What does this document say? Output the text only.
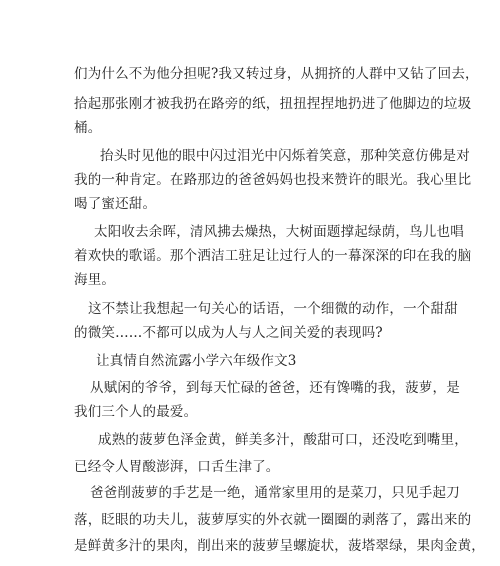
们为什么不为他分担呢?我又转过身，从拥挤的人群中又钻了回去，
拾起那张刚才被我扔在路旁的纸，扭扭捏捏地扔进了他脚边的垃圾
桶。
抬头时见他的眼中闪过泪光中闪烁着笑意，那种笑意仿佛是对
我的一种肯定。在路那边的爸爸妈妈也投来赞许的眼光。我心里比
喝了蜜还甜。
太阳收去余晖，清风拂去燥热，大树面题撑起绿荫，鸟儿也唱
着欢快的歌谣。那个洒洁工驻足让过行人的一幕深深的印在我的脑
海里。
这不禁让我想起一句关心的话语，一个细微的动作，一个甜甜
的微笑……不都可以成为人与人之间关爱的表现吗?
让真情自然流露小学六年级作文3
从赋闲的爷爷，到每天忙碌的爸爸，还有馋嘴的我，菠萝，是
我们三个人的最爱。
成熟的菠萝色泽金黄，鲜美多汁，酸甜可口，还没吃到嘴里，
已经令人胃酸澎湃，口舌生津了。
爸爸削菠萝的手艺是一绝，通常家里用的是菜刀，只见手起刀
落，眨眼的功夫儿，菠萝厚实的外衣就一圈圈的剥落了，露出来的
是鲜黄多汁的果肉，削出来的菠萝呈螺旋状，菠塔翠绿，果肉金黄，
